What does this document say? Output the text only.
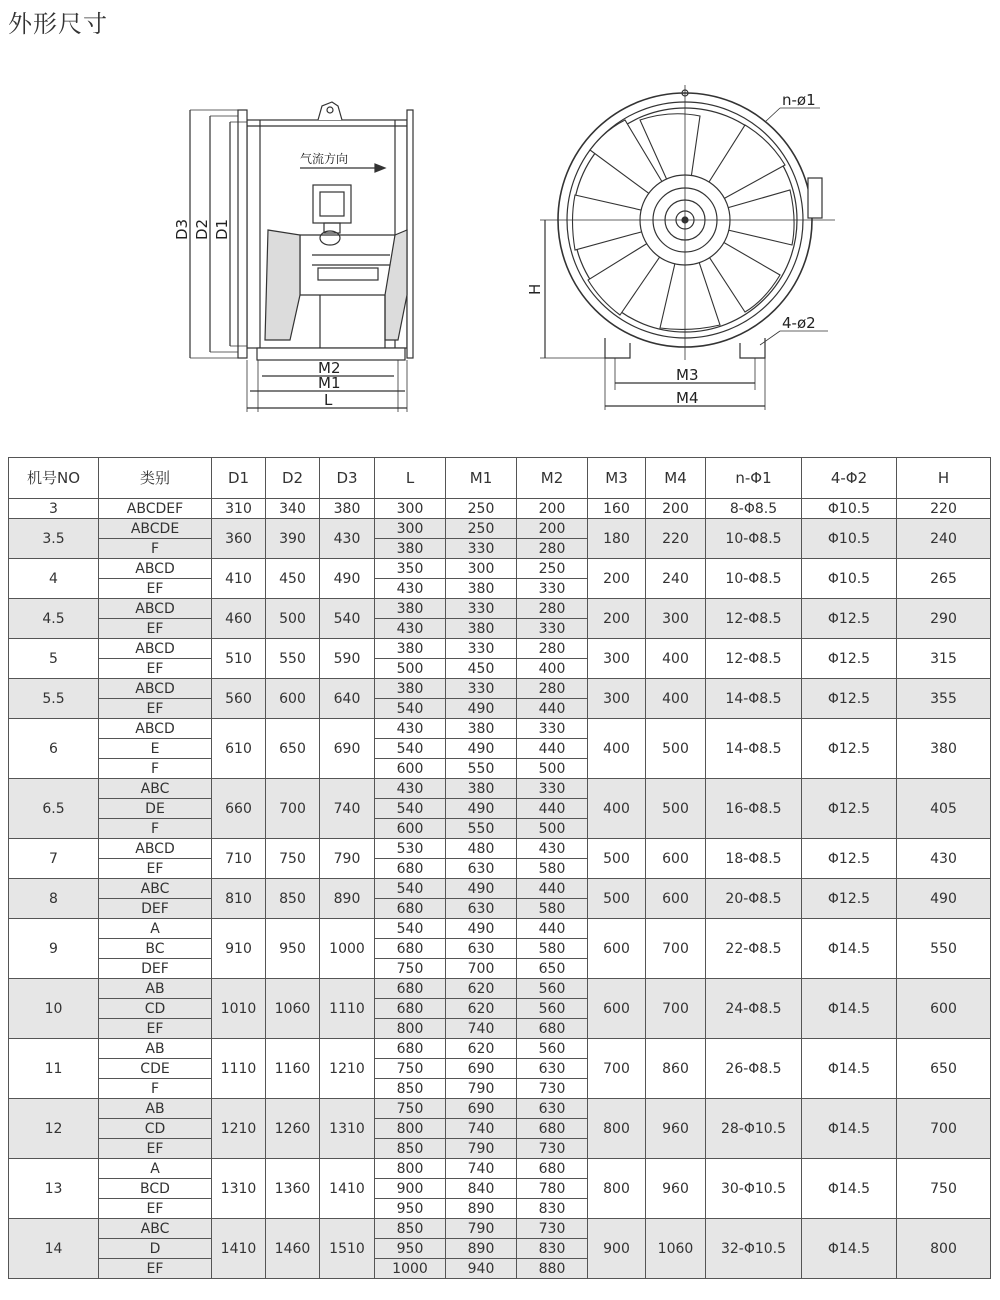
外形尺寸
气流方向
D3 D2 D1
M2
M1
L
H
M3
M4
n-ø1
4-ø2
机号NO	类别	D1	D2	D3	L	M1	M2	M3	M4	n-Φ1	4-Φ2	H
3	ABCDEF	310	340	380	300	250	200	160	200	8-Φ8.5	Φ10.5	220
3.5	ABCDE	360	390	430	300	250	200	180	220	10-Φ8.5	Φ10.5	240
	F				380	330	280					
4	ABCD	410	450	490	350	300	250	200	240	10-Φ8.5	Φ10.5	265
	EF				430	380	330					
4.5	ABCD	460	500	540	380	330	280	200	300	12-Φ8.5	Φ12.5	290
	EF				430	380	330					
5	ABCD	510	550	590	380	330	280	300	400	12-Φ8.5	Φ12.5	315
	EF				500	450	400					
5.5	ABCD	560	600	640	380	330	280	300	400	14-Φ8.5	Φ12.5	355
	EF				540	490	440					
6	ABCD	610	650	690	430	380	330	400	500	14-Φ8.5	Φ12.5	380
	E				540	490	440					
	F				600	550	500					
6.5	ABC	660	700	740	430	380	330	400	500	16-Φ8.5	Φ12.5	405
	DE				540	490	440					
	F				600	550	500					
7	ABCD	710	750	790	530	480	430	500	600	18-Φ8.5	Φ12.5	430
	EF				680	630	580					
8	ABC	810	850	890	540	490	440	500	600	20-Φ8.5	Φ12.5	490
	DEF				680	630	580					
9	A	910	950	1000	540	490	440	600	700	22-Φ8.5	Φ14.5	550
	BC				680	630	580					
	DEF				750	700	650					
10	AB	1010	1060	1110	680	620	560	600	700	24-Φ8.5	Φ14.5	600
	CD				680	620	560					
	EF				800	740	680					
11	AB	1110	1160	1210	680	620	560	700	860	26-Φ8.5	Φ14.5	650
	CDE				750	690	630					
	F				850	790	730					
12	AB	1210	1260	1310	750	690	630	800	960	28-Φ10.5	Φ14.5	700
	CD				800	740	680					
	EF				850	790	730					
13	A	1310	1360	1410	800	740	680	800	960	30-Φ10.5	Φ14.5	750
	BCD				900	840	780					
	EF				950	890	830					
14	ABC	1410	1460	1510	850	790	730	900	1060	32-Φ10.5	Φ14.5	800
	D				950	890	830					
	EF				1000	940	880					
